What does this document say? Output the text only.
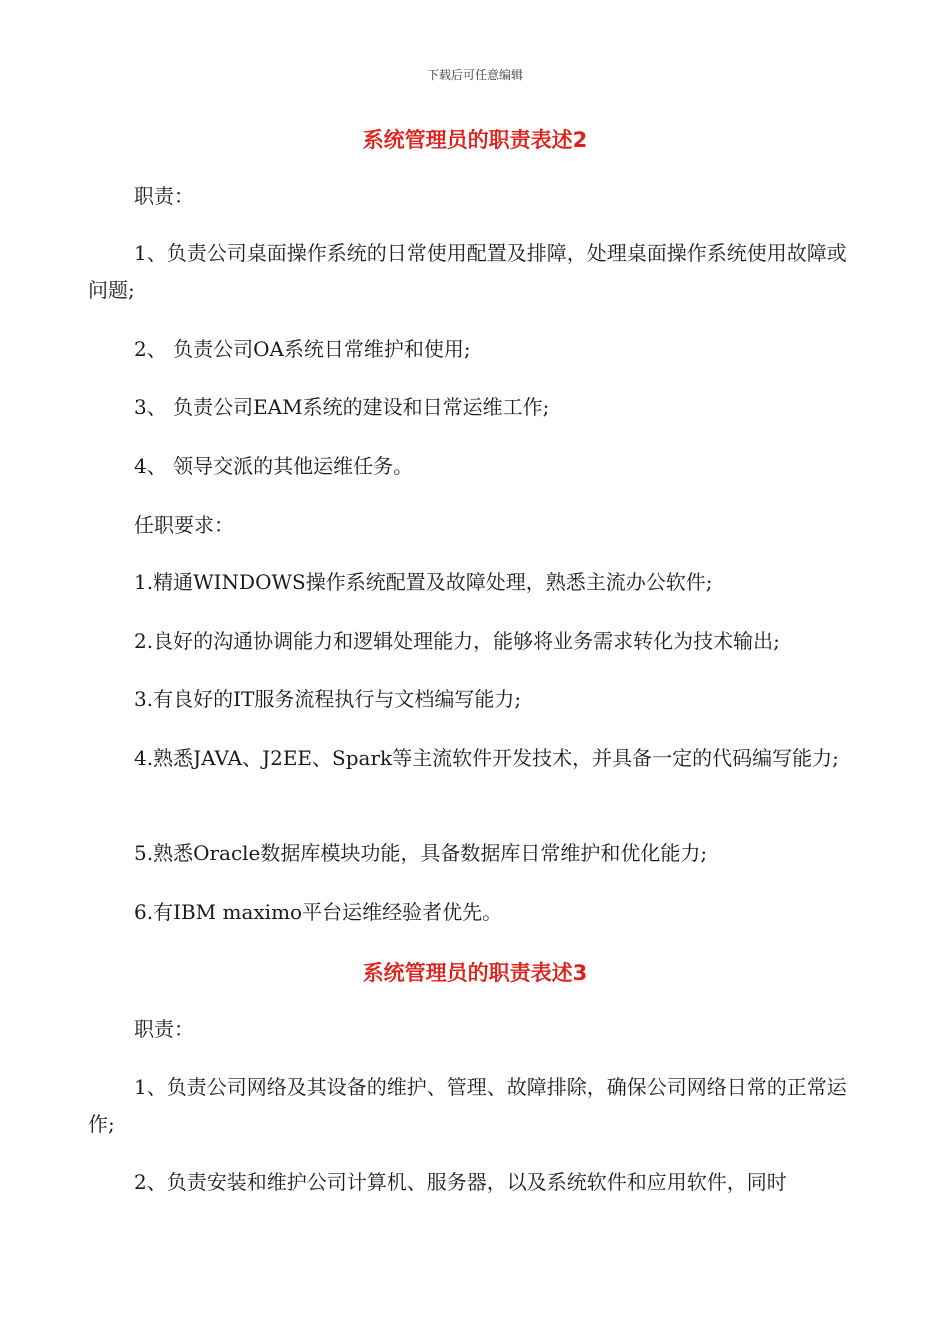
下载后可任意编辑
系统管理员的职责表述2
职责：
1、负责公司桌面操作系统的日常使用配置及排障，处理桌面操作系统使用故障或问题;
2、 负责公司OA系统日常维护和使用;
3、 负责公司EAM系统的建设和日常运维工作;
4、 领导交派的其他运维任务。
任职要求：
1.精通WINDOWS操作系统配置及故障处理，熟悉主流办公软件;
2.良好的沟通协调能力和逻辑处理能力，能够将业务需求转化为技术输出;
3.有良好的IT服务流程执行与文档编写能力;
4.熟悉JAVA、J2EE、Spark等主流软件开发技术，并具备一定的代码编写能力;
5.熟悉Oracle数据库模块功能，具备数据库日常维护和优化能力;
6.有IBM maximo平台运维经验者优先。
系统管理员的职责表述3
职责：
1、负责公司网络及其设备的维护、管理、故障排除，确保公司网络日常的正常运作;
2、负责安装和维护公司计算机、服务器，以及系统软件和应用软件，同时
